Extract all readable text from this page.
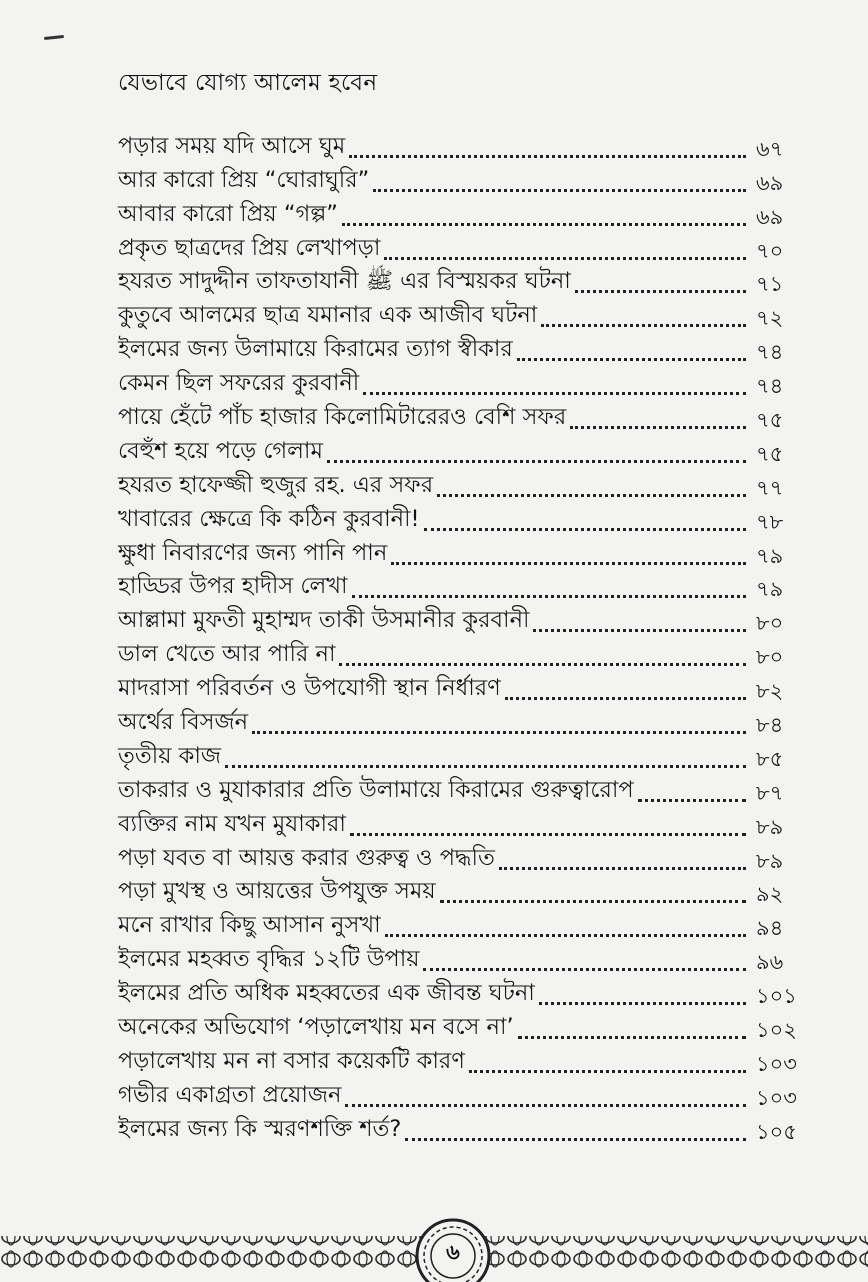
যেভাবে যোগ্য আলেম হবেন
পড়ার সময় যদি আসে ঘুম	৬৭
আর কারো প্রিয় “ঘোরাঘুরি”	৬৯
আবার কারো প্রিয় “গল্প”	৬৯
প্রকৃত ছাত্রদের প্রিয় লেখাপড়া	৭০
হযরত সাদুদ্দীন তাফতাযানী ﷺ এর বিস্ময়কর ঘটনা	৭১
কুতুবে আলমের ছাত্র যমানার এক আজীব ঘটনা	৭২
ইলমের জন্য উলামায়ে কিরামের ত্যাগ স্বীকার	৭৪
কেমন ছিল সফরের কুরবানী	৭৪
পায়ে হেঁটে পাঁচ হাজার কিলোমিটারেরও বেশি সফর	৭৫
বেহুঁশ হয়ে পড়ে গেলাম	৭৫
হযরত হাফেজ্জী হুজুর রহ. এর সফর	৭৭
খাবারের ক্ষেত্রে কি কঠিন কুরবানী!	৭৮
ক্ষুধা নিবারণের জন্য পানি পান	৭৯
হাড্ডির উপর হাদীস লেখা	৭৯
আল্লামা মুফতী মুহাম্মদ তাকী উসমানীর কুরবানী	৮০
ডাল খেতে আর পারি না	৮০
মাদরাসা পরিবর্তন ও উপযোগী স্থান নির্ধারণ	৮২
অর্থের বিসর্জন	৮৪
তৃতীয় কাজ	৮৫
তাকরার ও মুযাকারার প্রতি উলামায়ে কিরামের গুরুত্বারোপ	৮৭
ব্যক্তির নাম যখন মুযাকারা	৮৯
পড়া যবত বা আয়ত্ত করার গুরুত্ব ও পদ্ধতি	৮৯
পড়া মুখস্থ ও আয়ত্তের উপযুক্ত সময়	৯২
মনে রাখার কিছু আসান নুসখা	৯৪
ইলমের মহব্বত বৃদ্ধির ১২টি উপায়	৯৬
ইলমের প্রতি অধিক মহব্বতের এক জীবন্ত ঘটনা	১০১
অনেকের অভিযোগ ‘পড়ালেখায় মন বসে না’	১০২
পড়ালেখায় মন না বসার কয়েকটি কারণ	১০৩
গভীর একাগ্রতা প্রয়োজন	১০৩
ইলমের জন্য কি স্মরণশক্তি শর্ত?	১০৫
৬
